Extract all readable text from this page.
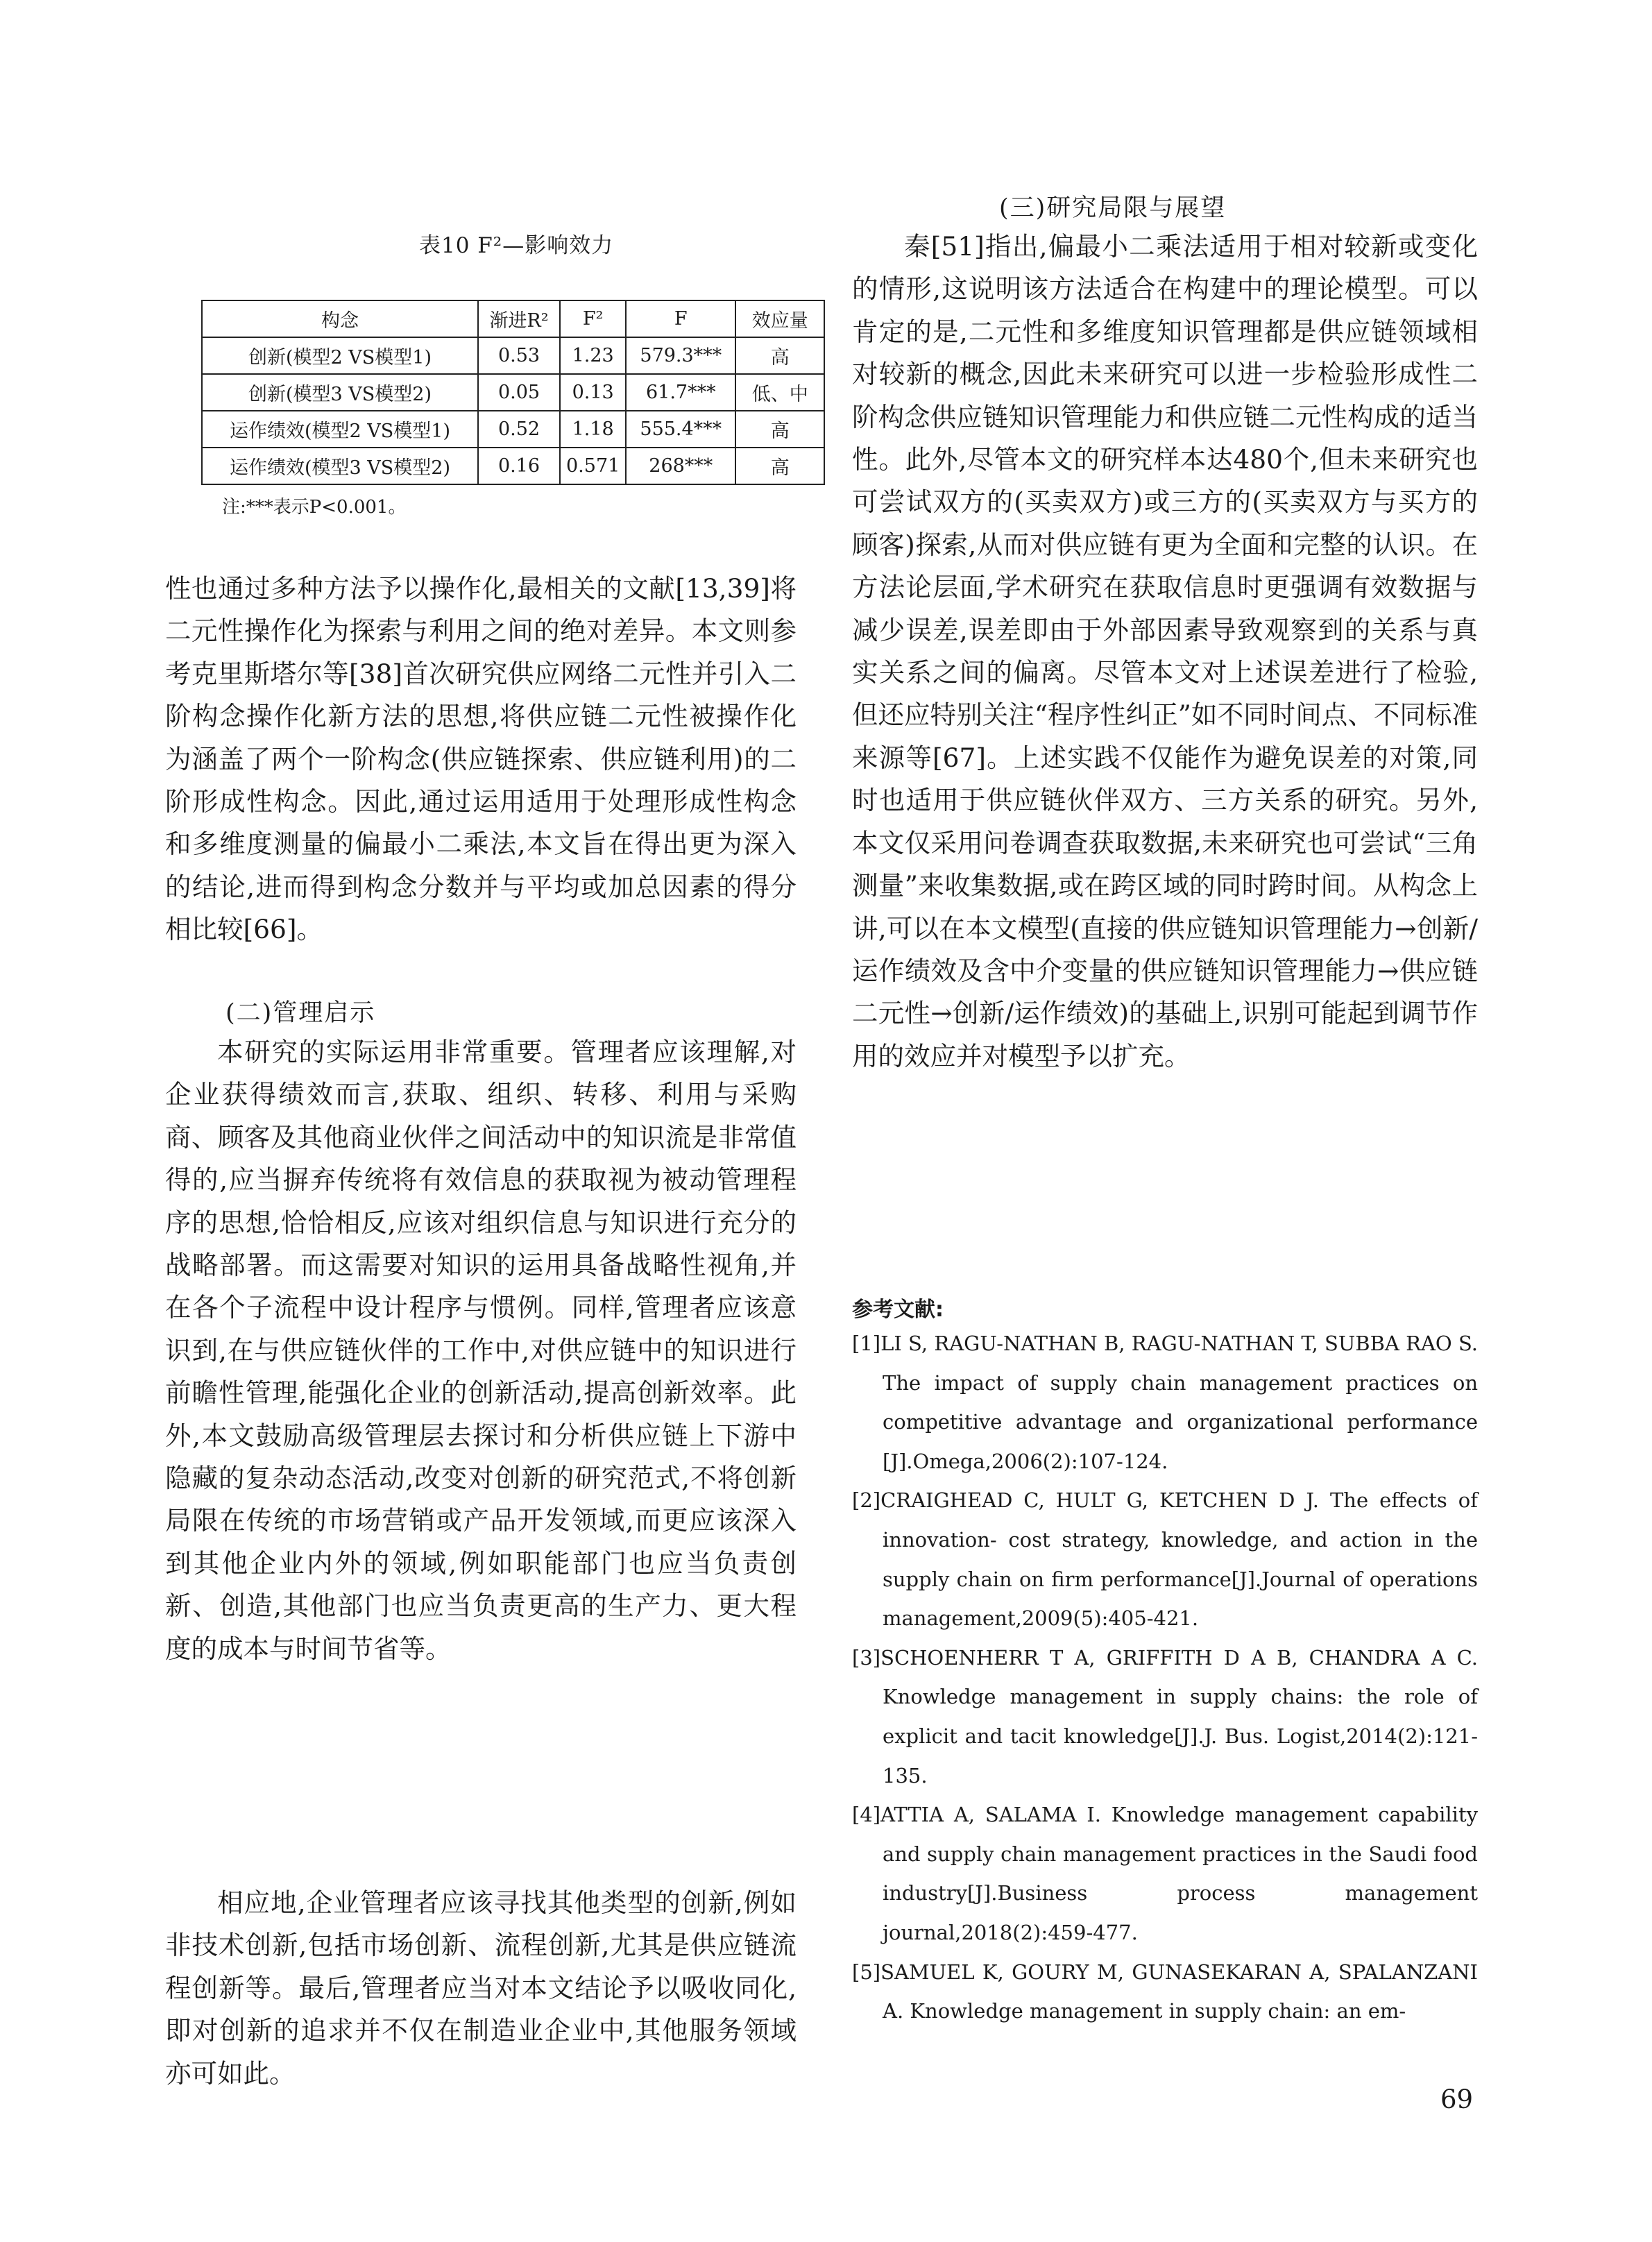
表10 F²—影响效力
构念	渐进R²	F²	F	效应量
创新(模型2 VS模型1)	0.53	1.23	579.3***	高
创新(模型3 VS模型2)	0.05	0.13	61.7***	低、中
运作绩效(模型2 VS模型1)	0.52	1.18	555.4***	高
运作绩效(模型3 VS模型2)	0.16	0.571	268***	高
注:***表示P<0.001。
性也通过多种方法予以操作化,最相关的文献[13,39]将二元性操作化为探索与利用之间的绝对差异。本文则参考克里斯塔尔等[38]首次研究供应网络二元性并引入二阶构念操作化新方法的思想,将供应链二元性被操作化为涵盖了两个一阶构念(供应链探索、供应链利用)的二阶形成性构念。因此,通过运用适用于处理形成性构念和多维度测量的偏最小二乘法,本文旨在得出更为深入的结论,进而得到构念分数并与平均或加总因素的得分相比较[66]。
(二)管理启示
本研究的实际运用非常重要。管理者应该理解,对企业获得绩效而言,获取、组织、转移、利用与采购商、顾客及其他商业伙伴之间活动中的知识流是非常值得的,应当摒弃传统将有效信息的获取视为被动管理程序的思想,恰恰相反,应该对组织信息与知识进行充分的战略部署。而这需要对知识的运用具备战略性视角,并在各个子流程中设计程序与惯例。同样,管理者应该意识到,在与供应链伙伴的工作中,对供应链中的知识进行前瞻性管理,能强化企业的创新活动,提高创新效率。此外,本文鼓励高级管理层去探讨和分析供应链上下游中隐藏的复杂动态活动,改变对创新的研究范式,不将创新局限在传统的市场营销或产品开发领域,而更应该深入到其他企业内外的领域,例如职能部门也应当负责创新、创造,其他部门也应当负责更高的生产力、更大程度的成本与时间节省等。
相应地,企业管理者应该寻找其他类型的创新,例如非技术创新,包括市场创新、流程创新,尤其是供应链流程创新等。最后,管理者应当对本文结论予以吸收同化,即对创新的追求并不仅在制造业企业中,其他服务领域亦可如此。
(三)研究局限与展望
秦[51]指出,偏最小二乘法适用于相对较新或变化的情形,这说明该方法适合在构建中的理论模型。可以肯定的是,二元性和多维度知识管理都是供应链领域相对较新的概念,因此未来研究可以进一步检验形成性二阶构念供应链知识管理能力和供应链二元性构成的适当性。此外,尽管本文的研究样本达480个,但未来研究也可尝试双方的(买卖双方)或三方的(买卖双方与买方的顾客)探索,从而对供应链有更为全面和完整的认识。在方法论层面,学术研究在获取信息时更强调有效数据与减少误差,误差即由于外部因素导致观察到的关系与真实关系之间的偏离。尽管本文对上述误差进行了检验,但还应特别关注“程序性纠正”如不同时间点、不同标准来源等[67]。上述实践不仅能作为避免误差的对策,同时也适用于供应链伙伴双方、三方关系的研究。另外,本文仅采用问卷调查获取数据,未来研究也可尝试“三角测量”来收集数据,或在跨区域的同时跨时间。从构念上讲,可以在本文模型(直接的供应链知识管理能力→创新/运作绩效及含中介变量的供应链知识管理能力→供应链二元性→创新/运作绩效)的基础上,识别可能起到调节作用的效应并对模型予以扩充。
参考文献:
[1]LI S, RAGU-NATHAN B, RAGU-NATHAN T, SUBBA RAO S. The impact of supply chain management practices on competitive advantage and organizational performance [J].Omega,2006(2):107-124.
[2]CRAIGHEAD C, HULT G, KETCHEN D J. The effects of innovation- cost strategy, knowledge, and action in the supply chain on firm performance[J].Journal of operations management,2009(5):405-421.
[3]SCHOENHERR T A, GRIFFITH D A B, CHANDRA A C. Knowledge management in supply chains: the role of explicit and tacit knowledge[J].J. Bus. Logist,2014(2):121-135.
[4]ATTIA A, SALAMA I. Knowledge management capability and supply chain management practices in the Saudi food industry[J].Business process management journal,2018(2):459-477.
[5]SAMUEL K, GOURY M, GUNASEKARAN A, SPALANZANI A. Knowledge management in supply chain: an em-
69
